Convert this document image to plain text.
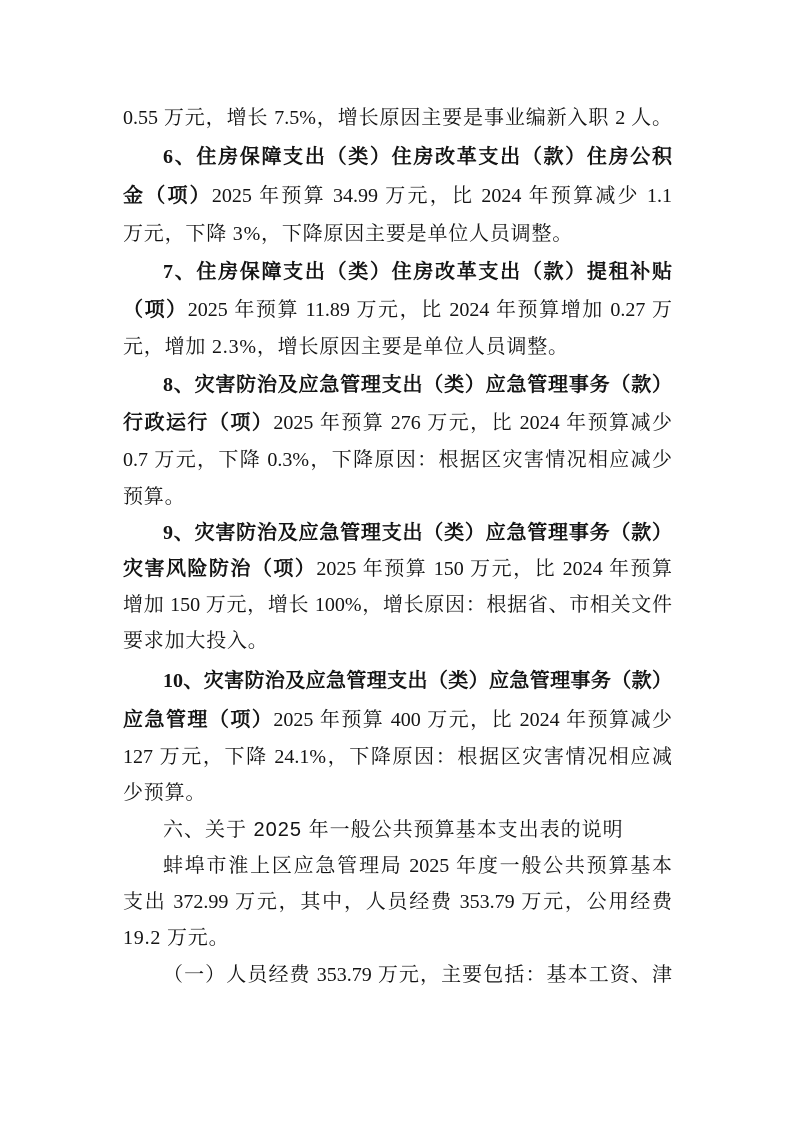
0.55 万元，增长 7.5%，增长原因主要是事业编新入职 2 人。
6、住房保障支出（类）住房改革支出（款）住房公积
金（项）2025 年预算 34.99 万元，比 2024 年预算减少 1.1
万元，下降 3%，下降原因主要是单位人员调整。
7、住房保障支出（类）住房改革支出（款）提租补贴
（项）2025 年预算 11.89 万元，比 2024 年预算增加 0.27 万
元，增加 2.3%，增长原因主要是单位人员调整。
8、灾害防治及应急管理支出（类）应急管理事务（款）
行政运行（项）2025 年预算 276 万元，比 2024 年预算减少
0.7 万元，下降 0.3%，下降原因：根据区灾害情况相应减少
预算。
9、灾害防治及应急管理支出（类）应急管理事务（款）
灾害风险防治（项）2025 年预算 150 万元，比 2024 年预算
增加 150 万元，增长 100%，增长原因：根据省、市相关文件
要求加大投入。
10、灾害防治及应急管理支出（类）应急管理事务（款）
应急管理（项）2025 年预算 400 万元，比 2024 年预算减少
127 万元，下降 24.1%，下降原因：根据区灾害情况相应减
少预算。
六、关于 2025 年一般公共预算基本支出表的说明
蚌埠市淮上区应急管理局 2025 年度一般公共预算基本
支出 372.99 万元，其中，人员经费 353.79 万元，公用经费
19.2 万元。
（一）人员经费 353.79 万元，主要包括：基本工资、津
